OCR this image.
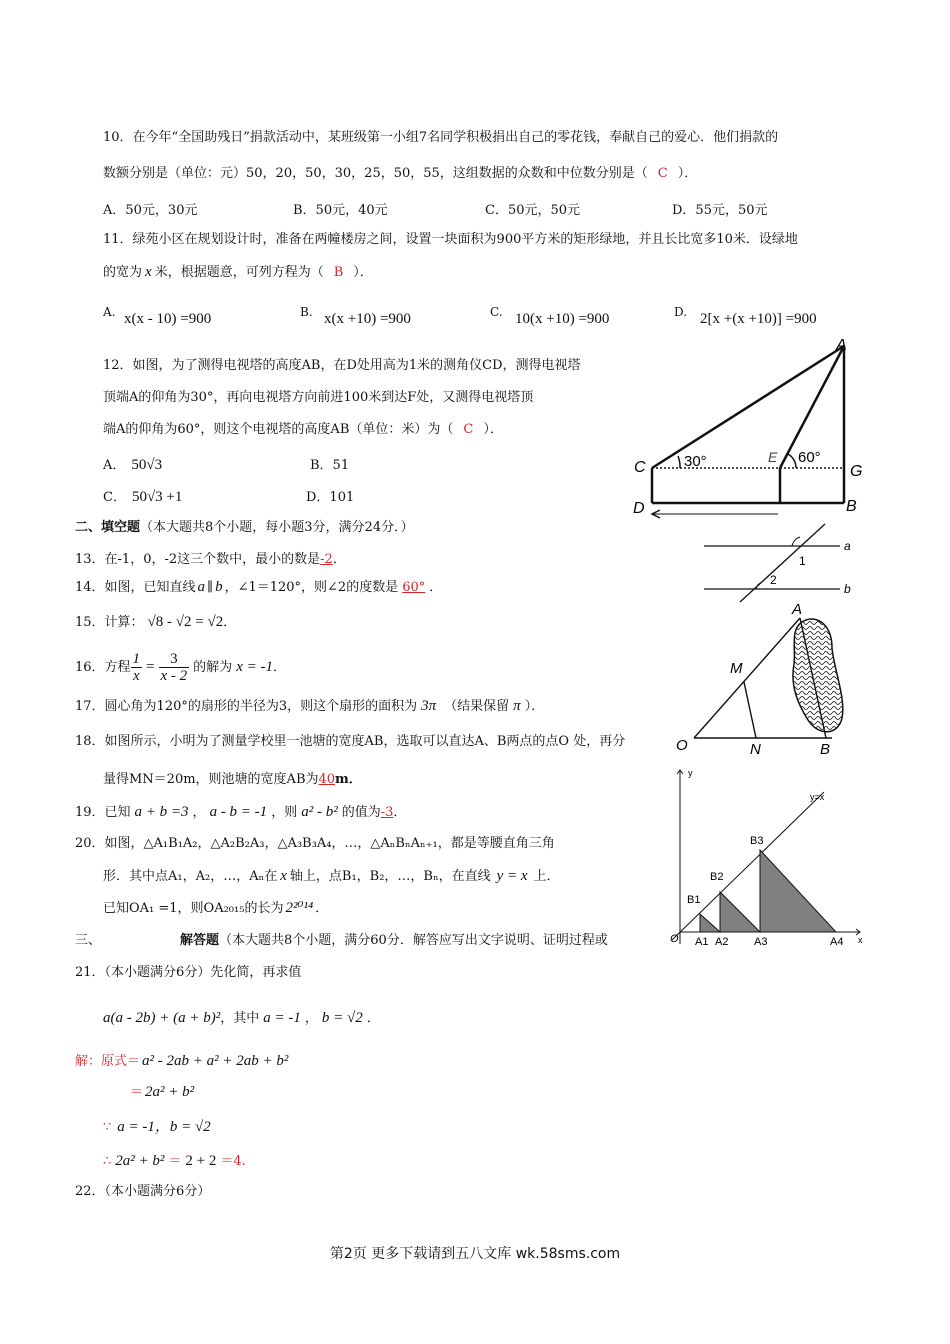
10．在今年“全国助残日”捐款活动中，某班级第一小组7名同学积极捐出自己的零花钱，奉献自己的爱心．他们捐款的
数额分别是（单位：元）50，20，50，30，25，50，55，这组数据的众数和中位数分别是（ C ）．
A．50元，30元	B．50元，40元	C．50元，50元	D．55元，50元
11．绿苑小区在规划设计时，准备在两幢楼房之间，设置一块面积为900平方米的矩形绿地，并且长比宽多10米．设绿地
的宽为 x 米，根据题意，可列方程为（ B ）．
A. x(x - 10) =900	B. x(x +10) =900	C. 10(x +10) =900	D. 2[x +(x +10)] =900
12．如图，为了测得电视塔的高度AB，在D处用高为1米的测角仪CD，测得电视塔
顶端A的仰角为30°，再向电视塔方向前进100米到达F处，又测得电视塔顶
端A的仰角为60°，则这个电视塔的高度AB（单位：米）为（ C ）．
A． 50√3	B．51
C． 50√3 +1	D．101
A
C
D
E
G
B
30°	60°
二、填空题（本大题共8个小题，每小题3分，满分24分．）
13．在-1，0，-2这三个数中，最小的数是-2．
14．如图，已知直线 a ∥ b ，∠1＝120°，则∠2的度数是 60° ．
a
b
1
2
15．计算： √8 - √2 = √2．
16．方程 $\frac{1}{x} = \frac{3}{x - 2}$ 的解为 x = -1．
17．圆心角为120°的扇形的半径为3，则这个扇形的面积为 3π （结果保留 π ）．
18．如图所示，小明为了测量学校里一池塘的宽度AB，选取可以直达A、B两点的点O 处，再分
量得MN＝20m，则池塘的宽度AB为40m．
A
M
O	N	B
19．已知 a + b =3 ， a - b = -1 ，则 a² - b² 的值为-3．
20．如图，△A₁B₁A₂，△A₂B₂A₃，△A₃B₃A₄，…，△AₙBₙAₙ₊₁，都是等腰直角三角
形．其中点A₁，A₂，…，Aₙ在 x 轴上，点B₁，B₂，…，Bₙ，在直线 y = x 上．
已知OA₁ =1，则OA₂₀₁₅的长为 2²⁰¹⁴ ．
y
x
y=x
O A1 A2 A3	A4
B1
B2
B3
三、	解答题（本大题共8个小题，满分60分．解答应写出文字说明、证明过程或
21．（本小题满分6分）先化简，再求值
a(a - 2b) + (a + b)²，其中 a = -1 ， b = √2 ．
解：原式＝ a² - 2ab + a² + 2ab + b²
＝ 2a² + b²
∵ a = -1，b = √2
∴ 2a² + b² ＝ 2 + 2 ＝4.
22．（本小题满分6分）
第2页 更多下载请到五八文库 wk.58sms.com
